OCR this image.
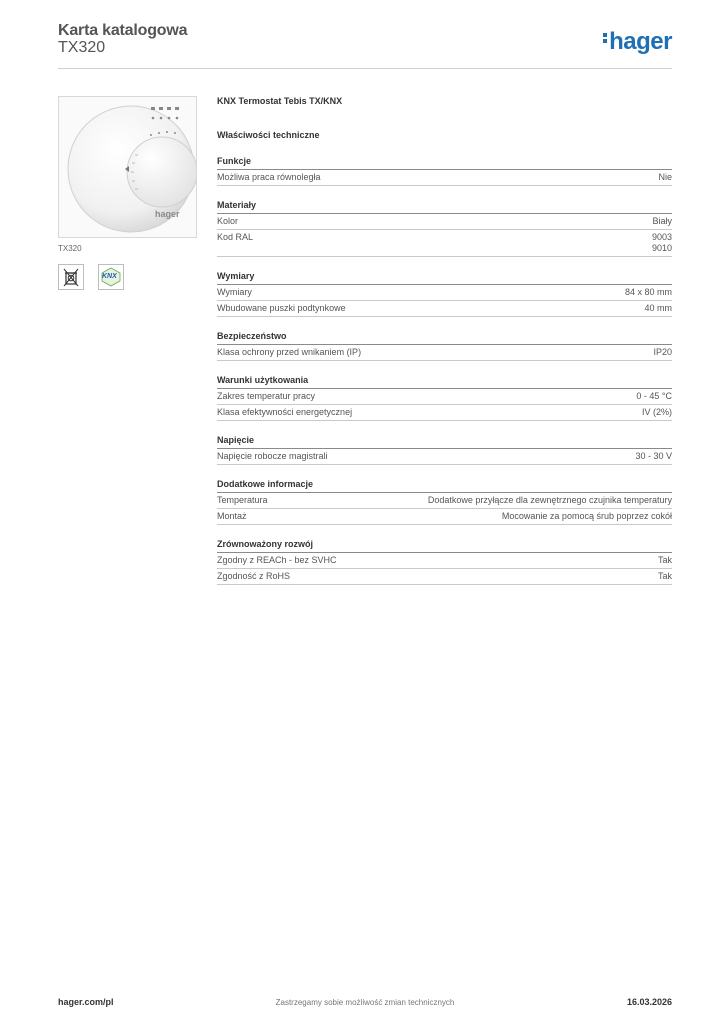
Karta katalogowa
TX320	hager
hager
TX320
KNX
KNX Termostat Tebis TX/KNX
Właściwości techniczne
Funkcje
Możliwa praca równoległa	Nie
Materiały
Kolor	Biały
Kod RAL	9003
9010
Wymiary
Wymiary	84 x 80 mm
Wbudowane puszki podtynkowe	40 mm
Bezpieczeństwo
Klasa ochrony przed wnikaniem (IP)	IP20
Warunki użytkowania
Zakres temperatur pracy	0 - 45 °C
Klasa efektywności energetycznej	IV (2%)
Napięcie
Napięcie robocze magistrali	30 - 30 V
Dodatkowe informacje
Temperatura	Dodatkowe przyłącze dla zewnętrznego czujnika temperatury
Montaż	Mocowanie za pomocą śrub poprzez cokół
Zrównoważony rozwój
Zgodny z REACh - bez SVHC	Tak
Zgodność z RoHS	Tak
Zastrzegamy sobie możliwość zmian technicznych
hager.com/pl	16.03.2026
